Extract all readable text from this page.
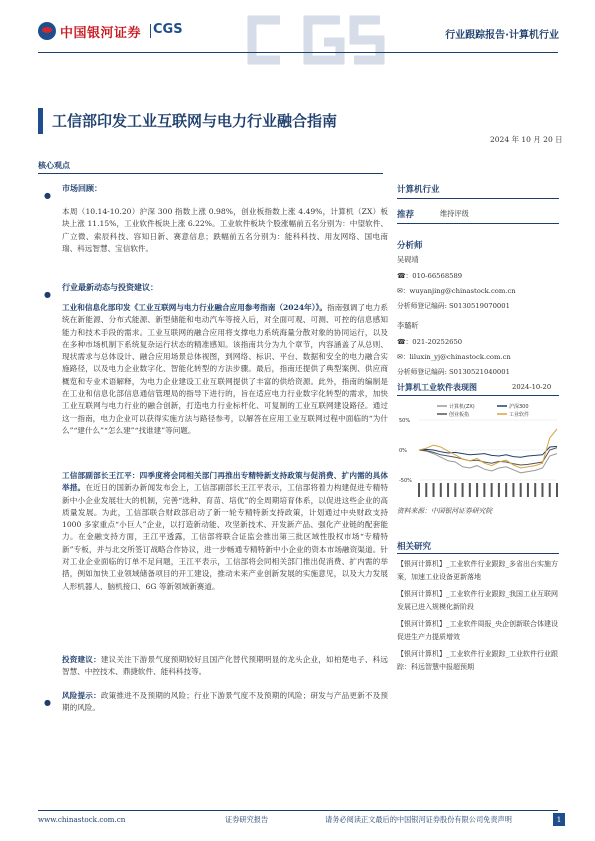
中国银河证券 CGS	行业跟踪报告·计算机行业
工信部印发工业互联网与电力行业融合指南
2024 年 10 月 20 日
核心观点
●
市场回顾：
本周（10.14-10.20）沪深 300 指数上涨 0.98%，创业板指数上涨 4.49%，计算机（ZX）板块上涨 11.15%，工业软件板块上涨 6.22%。工业软件板块个股涨幅前五名分别为：中望软件、广立微、索辰科技、容知日新、赛意信息；跌幅前五名分别为：能科科技、用友网络、国电南瑞、科远智慧、宝信软件。
●
行业最新动态与投资建议：
工业和信息化部印发《工业互联网与电力行业融合应用参考指南（2024年）》。指南强调了电力系统在新能源、分布式能源、新型储能和电动汽车等接入后，对全面可观、可测、可控的信息感知能力和技术手段的需求。工业互联网的融合应用将支撑电力系统海量分散对象的协同运行，以及在多种市场机制下系统复杂运行状态的精准感知。该指南共分为九个章节，内容涵盖了从总则、现状需求与总体设计、融合应用场景总体视图，到网络、标识、平台、数据和安全的电力融合实施路径，以及电力企业数字化、智能化转型的方法步骤。最后，指南还提供了典型案例、供应商概览和专业术语解释，为电力企业建设工业互联网提供了丰富的供给资源。此外，指南的编制是在工业和信息化部信息通信管理局的指导下进行的，旨在适应电力行业数字化转型的需求，加快工业互联网与电力行业的融合创新，打造电力行业标杆化、可复制的工业互联网建设路径。通过这一指南，电力企业可以获得实施方法与路径参考，以解答在应用工业互联网过程中面临的“为什么”“建什么”“怎么建”“找谁建”等问题。
工信部副部长王江平：四季度将会同相关部门再推出专精特新支持政策与促消费、扩内需的具体举措。在近日的国新办新闻发布会上，工信部副部长王江平表示，工信部将着力构建促进专精特新中小企业发展壮大的机制，完善“选种、育苗、培优”的全周期培育体系，以促进这些企业的高质量发展。为此，工信部联合财政部启动了新一轮专精特新支持政策，计划通过中央财政支持 1000 多家重点“小巨人”企业，以打造新动能、攻坚新技术、开发新产品、强化产业链的配套能力。在金融支持方面，王江平透露，工信部将联合证监会推出第三批区域性股权市场“专精特新”专板，并与北交所签订战略合作协议，进一步畅通专精特新中小企业的资本市场融资渠道。针对工业企业面临的订单不足问题，王江平表示，工信部将会同相关部门推出促消费、扩内需的举措，例如加快工业领域储备项目的开工建设，推动未来产业创新发展的实施意见，以及大力发展人形机器人、脑机接口、6G 等新领域新赛道。
投资建议：建议关注下游景气度预期较好且国产化替代预期明显的龙头企业，如柏楚电子、科远智慧、中控技术、鼎捷软件、能科科技等。
●
风险提示：政策推进不及预期的风险；行业下游景气度不及预期的风险；研发与产品更新不及预期的风险。
计算机行业
推荐	维持评级
分析师
吴砚靖
☎：010-66568589
✉：wuyanjing@chinastock.com.cn
分析师登记编码: S0130519070001
李璐昕
☎：021-20252650
✉：liluxin_yj@chinastock.com.cn
分析师登记编码: S0130521040001
计算机工业软件表现图	2024-10-20
计算机(ZX)	沪深300
创业板指	工业软件
50%
0%
-50%
资料来源：中国银河证券研究院
相关研究
【银河计算机】_工业软件行业跟踪_多省出台实施方案，加速工业设备更新落地
【银河计算机】_工业软件行业跟踪_我国工业互联网发展已进入规模化新阶段
【银河计算机】_工业软件周报_央企创新联合体建设促进生产力提质增效
【银河计算机】_工业软件行业跟踪_工业软件行业跟踪：科远智慧中报超预期
www.chinastock.com.cn	证券研究报告	请务必阅读正文最后的中国银河证券股份有限公司免责声明	1
